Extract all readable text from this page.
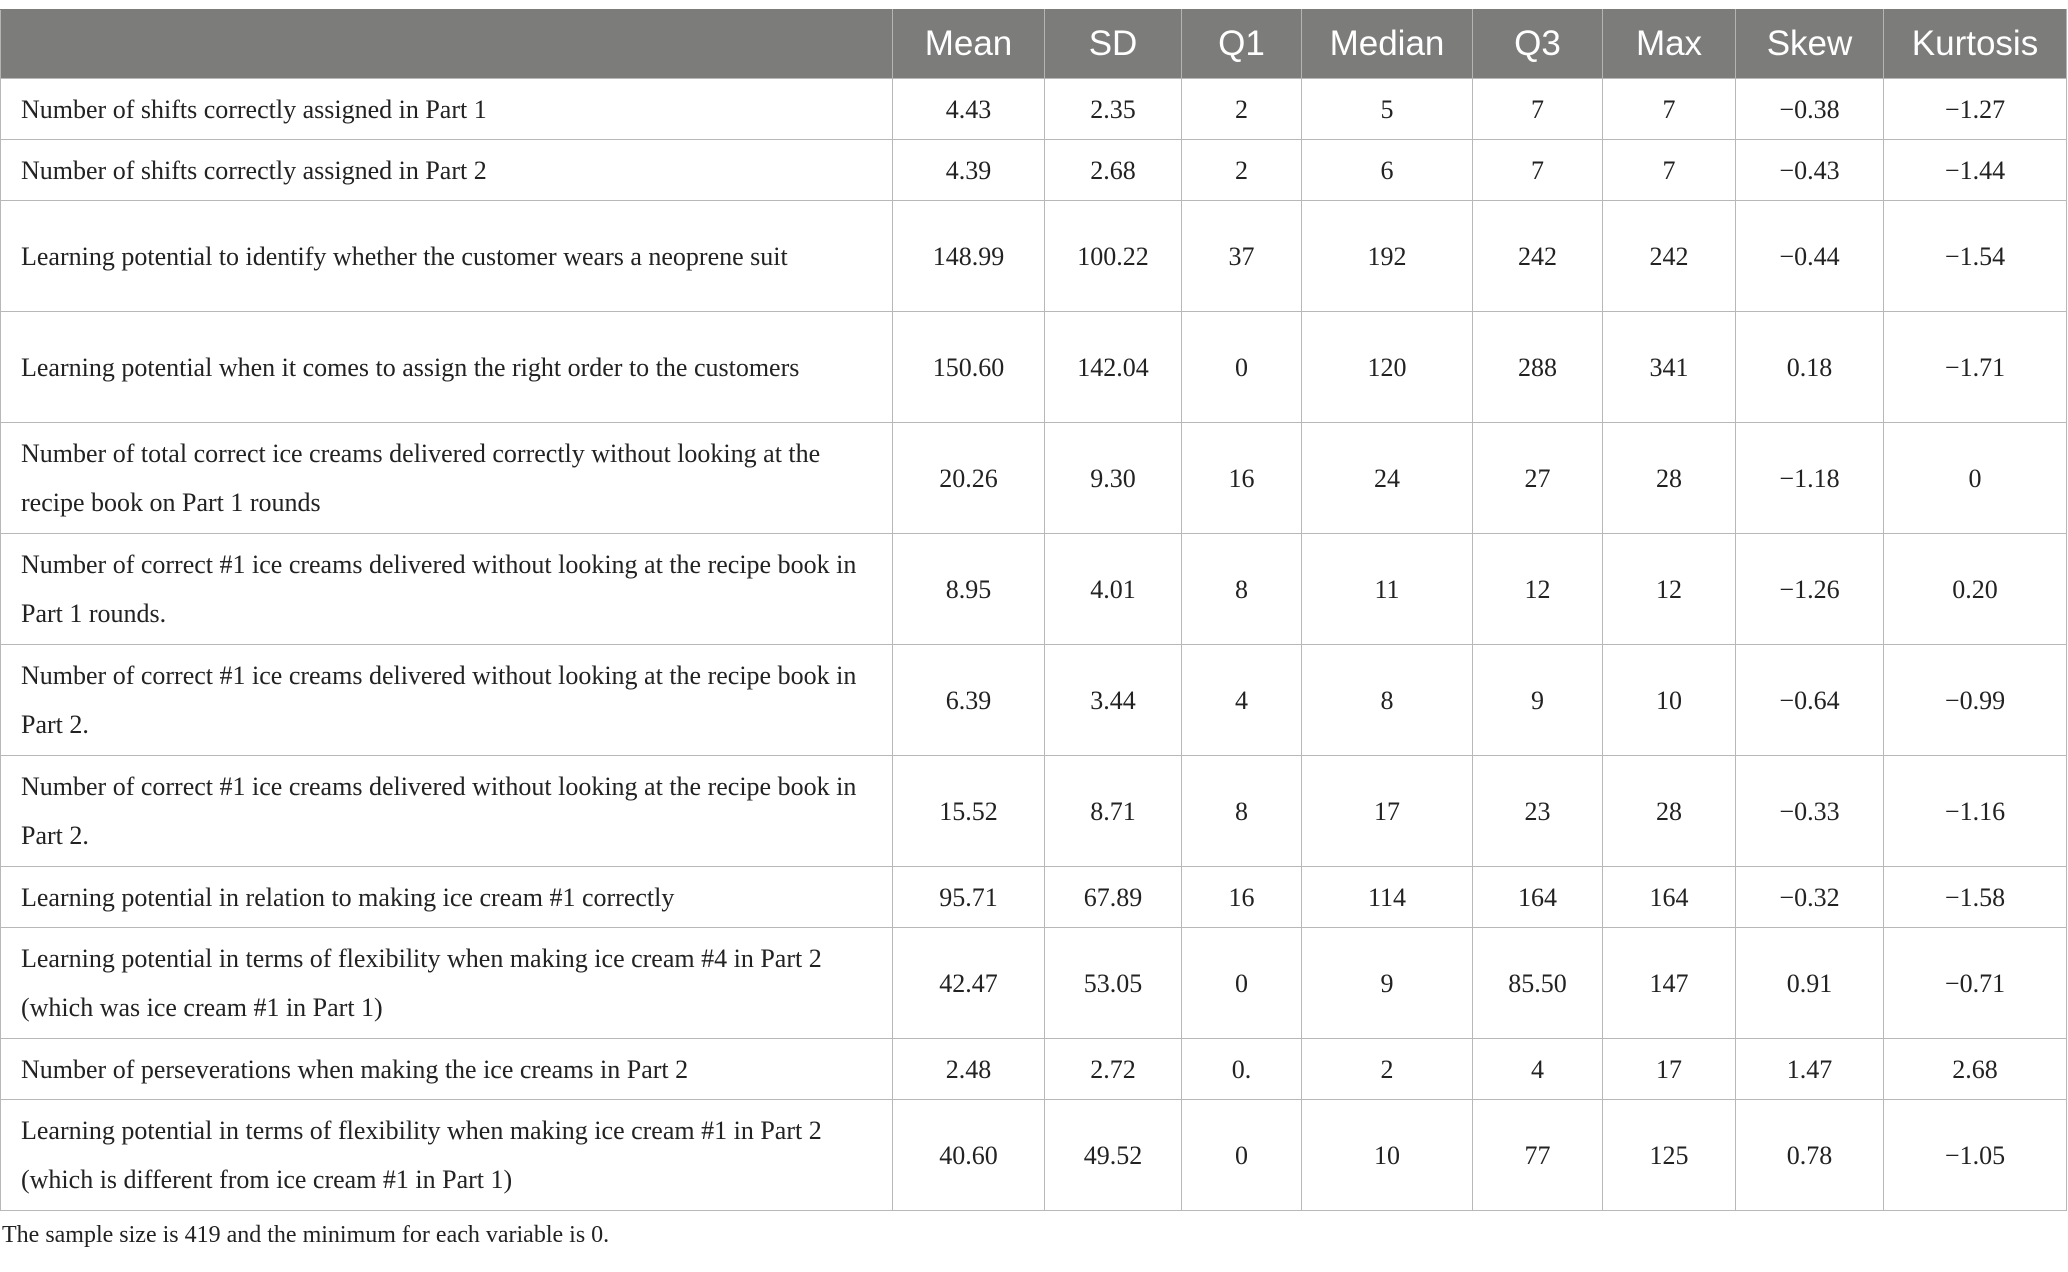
	Mean	SD	Q1	Median	Q3	Max	Skew	Kurtosis
Number of shifts correctly assigned in Part 1	4.43	2.35	2	5	7	7	−0.38	−1.27
Number of shifts correctly assigned in Part 2	4.39	2.68	2	6	7	7	−0.43	−1.44
Learning potential to identify whether the customer wears a neoprene suit	148.99	100.22	37	192	242	242	−0.44	−1.54
Learning potential when it comes to assign the right order to the customers	150.60	142.04	0	120	288	341	0.18	−1.71
Number of total correct ice creams delivered correctly without looking at the recipe book on Part 1 rounds	20.26	9.30	16	24	27	28	−1.18	0
Number of correct #1 ice creams delivered without looking at the recipe book in Part 1 rounds.	8.95	4.01	8	11	12	12	−1.26	0.20
Number of correct #1 ice creams delivered without looking at the recipe book in Part 2.	6.39	3.44	4	8	9	10	−0.64	−0.99
Number of correct #1 ice creams delivered without looking at the recipe book in Part 2.	15.52	8.71	8	17	23	28	−0.33	−1.16
Learning potential in relation to making ice cream #1 correctly	95.71	67.89	16	114	164	164	−0.32	−1.58
Learning potential in terms of flexibility when making ice cream #4 in Part 2 (which was ice cream #1 in Part 1)	42.47	53.05	0	9	85.50	147	0.91	−0.71
Number of perseverations when making the ice creams in Part 2	2.48	2.72	0.	2	4	17	1.47	2.68
Learning potential in terms of flexibility when making ice cream #1 in Part 2 (which is different from ice cream #1 in Part 1)	40.60	49.52	0	10	77	125	0.78	−1.05
The sample size is 419 and the minimum for each variable is 0.
